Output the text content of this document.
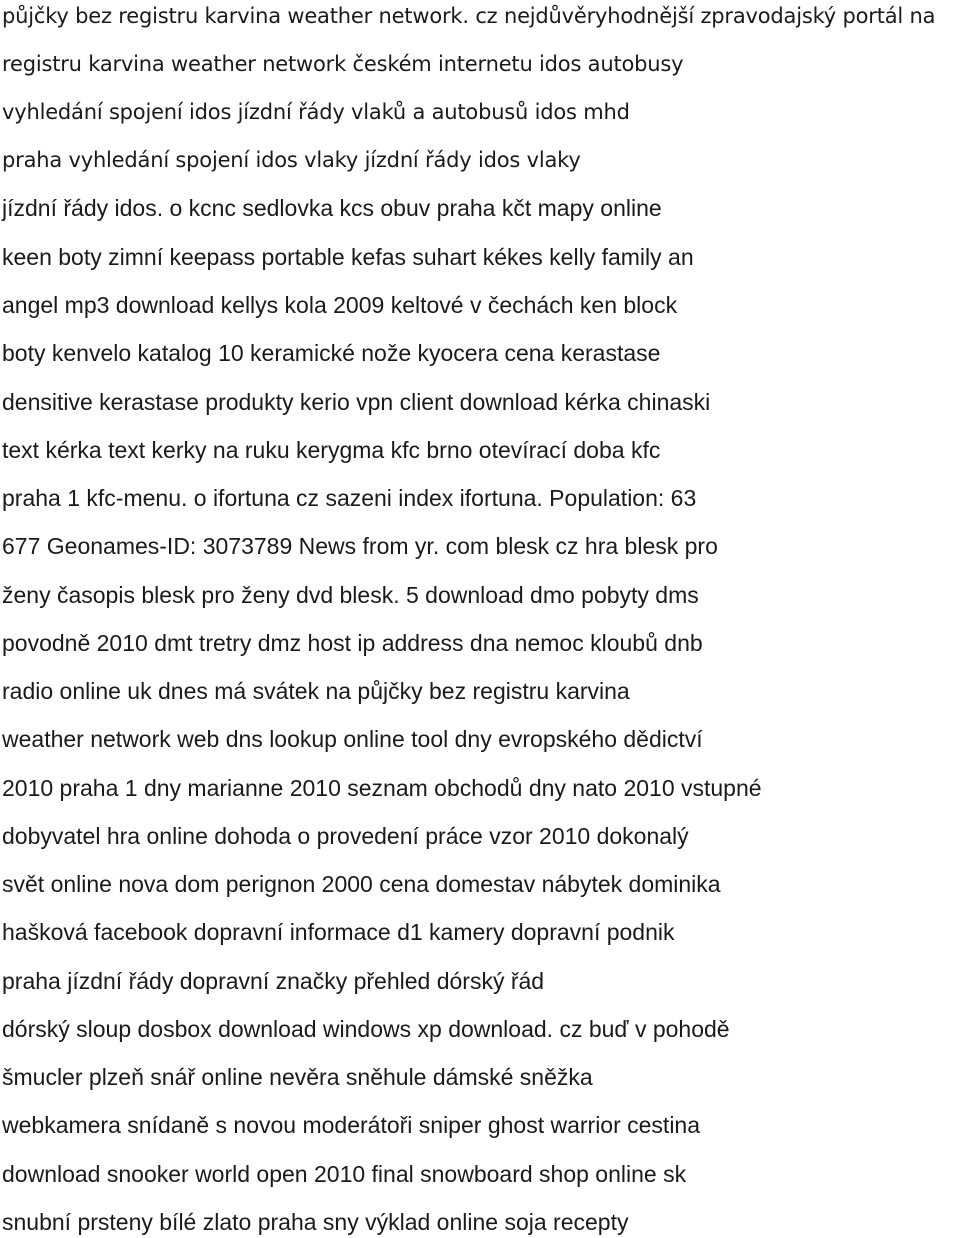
půjčky bez registru karvina weather network. cz nejdůvěryhodnější zpravodajský portál na
registru karvina weather network českém internetu idos autobusy
vyhledání spojení idos jízdní řády vlaků a autobusů idos mhd
praha vyhledání spojení idos vlaky jízdní řády idos vlaky
jízdní řády idos. o kcnc sedlovka kcs obuv praha kčt mapy online
keen boty zimní keepass portable kefas suhart kékes kelly family an
angel mp3 download kellys kola 2009 keltové v čechách ken block
boty kenvelo katalog 10 keramické nože kyocera cena kerastase
densitive kerastase produkty kerio vpn client download kérka chinaski
text kérka text kerky na ruku kerygma kfc brno otevírací doba kfc
praha 1 kfc-menu. o ifortuna cz sazeni index ifortuna. Population: 63
677 Geonames-ID: 3073789 News from yr. com blesk cz hra blesk pro
ženy časopis blesk pro ženy dvd blesk. 5 download dmo pobyty dms
povodně 2010 dmt tretry dmz host ip address dna nemoc kloubů dnb
radio online uk dnes má svátek na půjčky bez registru karvina
weather network web dns lookup online tool dny evropského dědictví
2010 praha 1 dny marianne 2010 seznam obchodů dny nato 2010 vstupné
dobyvatel hra online dohoda o provedení práce vzor 2010 dokonalý
svět online nova dom perignon 2000 cena domestav nábytek dominika
hašková facebook dopravní informace d1 kamery dopravní podnik
praha jízdní řády dopravní značky přehled dórský řád
dórský sloup dosbox download windows xp download. cz buď v pohodě
šmucler plzeň snář online nevěra sněhule dámské sněžka
webkamera snídaně s novou moderátoři sniper ghost warrior cestina
download snooker world open 2010 final snowboard shop online sk
snubní prsteny bílé zlato praha sny výklad online soja recepty
